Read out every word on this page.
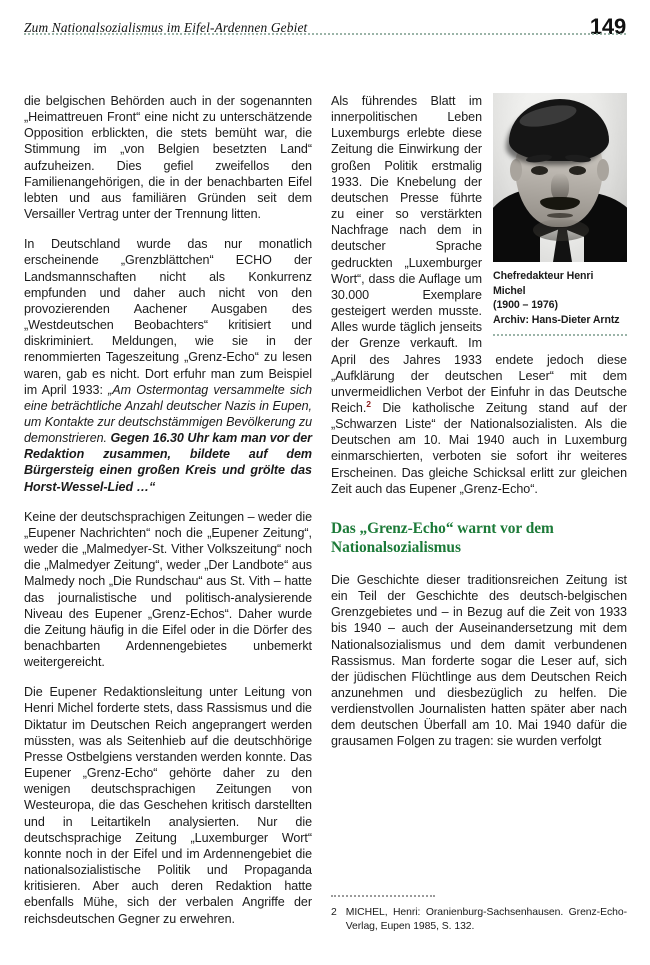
Zum Nationalsozialismus im Eifel-Ardennen Gebiet	149

die belgischen Behörden auch in der sogenannten „Heimattreuen Front“ eine nicht zu unterschätzende Opposition erblickten, die stets bemüht war, die Stimmung im „von Belgien besetzten Land“ aufzuheizen. Dies gefiel zweifellos den Familienangehörigen, die in der benachbarten Eifel lebten und aus familiären Gründen seit dem Versailler Vertrag unter der Trennung litten.

In Deutschland wurde das nur monatlich erscheinende „Grenzblättchen“ ECHO der Landsmannschaften nicht als Konkurrenz empfunden und daher auch nicht von den provozierenden Aachener Ausgaben des „Westdeutschen Beobachters“ kritisiert und diskriminiert. Meldungen, wie sie in der renommierten Tageszeitung „Grenz-Echo“ zu lesen waren, gab es nicht. Dort erfuhr man zum Beispiel im April 1933: „Am Ostermontag versammelte sich eine beträchtliche Anzahl deutscher Nazis in Eupen, um Kontakte zur deutschstämmigen Bevölkerung zu demonstrieren. Gegen 16.30 Uhr kam man vor der Redaktion zusammen, bildete auf dem Bürgersteig einen großen Kreis und grölte das Horst-Wessel-Lied …“

Keine der deutschsprachigen Zeitungen – weder die „Eupener Nachrichten“ noch die „Eupener Zeitung“, weder die „Malmedyer-St. Vither Volkszeitung“ noch die „Malmedyer Zeitung“, weder „Der Landbote“ aus Malmedy noch „Die Rundschau“ aus St. Vith – hatte das journalistische und politisch-analysierende Niveau des Eupener „Grenz-Echos“. Daher wurde die Zeitung häufig in die Eifel oder in die Dörfer des benachbarten Ardennengebietes unbemerkt weitergereicht.

Die Eupener Redaktionsleitung unter Leitung von Henri Michel forderte stets, dass Rassismus und die Diktatur im Deutschen Reich angeprangert werden müssten, was als Seitenhieb auf die deutschhörige Presse Ostbelgiens verstanden werden konnte. Das Eupener „Grenz-Echo“ gehörte daher zu den wenigen deutschsprachigen Zeitungen von Westeuropa, die das Geschehen kritisch darstellten und in Leitartikeln analysierten. Nur die deutschsprachige Zeitung „Luxemburger Wort“ konnte noch in der Eifel und im Ardennengebiet die nationalsozialistische Politik und Propaganda kritisieren. Aber auch deren Redaktion hatte ebenfalls Mühe, sich der verbalen Angriffe der reichsdeutschen Gegner zu erwehren.

Chefredakteur Henri Michel
(1900 – 1976)
Archiv: Hans-Dieter Arntz

Als führendes Blatt im innerpolitischen Leben Luxemburgs erlebte diese Zeitung die Einwirkung der großen Politik erstmalig 1933. Die Knebelung der deutschen Presse führte zu einer so verstärkten Nachfrage nach dem in deutscher Sprache gedruckten „Luxemburger Wort“, dass die Auflage um 30.000 Exemplare gesteigert werden musste. Alles wurde täglich jenseits der Grenze verkauft. Im April des Jahres 1933 endete jedoch diese „Aufklärung der deutschen Leser“ mit dem unvermeidlichen Verbot der Einfuhr in das Deutsche Reich.$^2$ Die katholische Zeitung stand auf der „Schwarzen Liste“ der Nationalsozialisten. Als die Deutschen am 10. Mai 1940 auch in Luxemburg einmarschierten, verboten sie sofort ihr weiteres Erscheinen. Das gleiche Schicksal erlitt zur gleichen Zeit auch das Eupener „Grenz-Echo“.

Das „Grenz-Echo“ warnt vor dem Nationalsozialismus

Die Geschichte dieser traditionsreichen Zeitung ist ein Teil der Geschichte des deutsch-belgischen Grenzgebietes und – in Bezug auf die Zeit von 1933 bis 1940 – auch der Auseinandersetzung mit dem Nationalsozialismus und dem damit verbundenen Rassismus. Man forderte sogar die Leser auf, sich der jüdischen Flüchtlinge aus dem Deutschen Reich anzunehmen und diesbezüglich zu helfen. Die verdienstvollen Journalisten hatten später aber nach dem deutschen Überfall am 10. Mai 1940 dafür die grausamen Folgen zu tragen: sie wurden verfolgt

2 MICHEL, Henri: Oranienburg-Sachsenhausen. Grenz-Echo-Verlag, Eupen 1985, S. 132.
